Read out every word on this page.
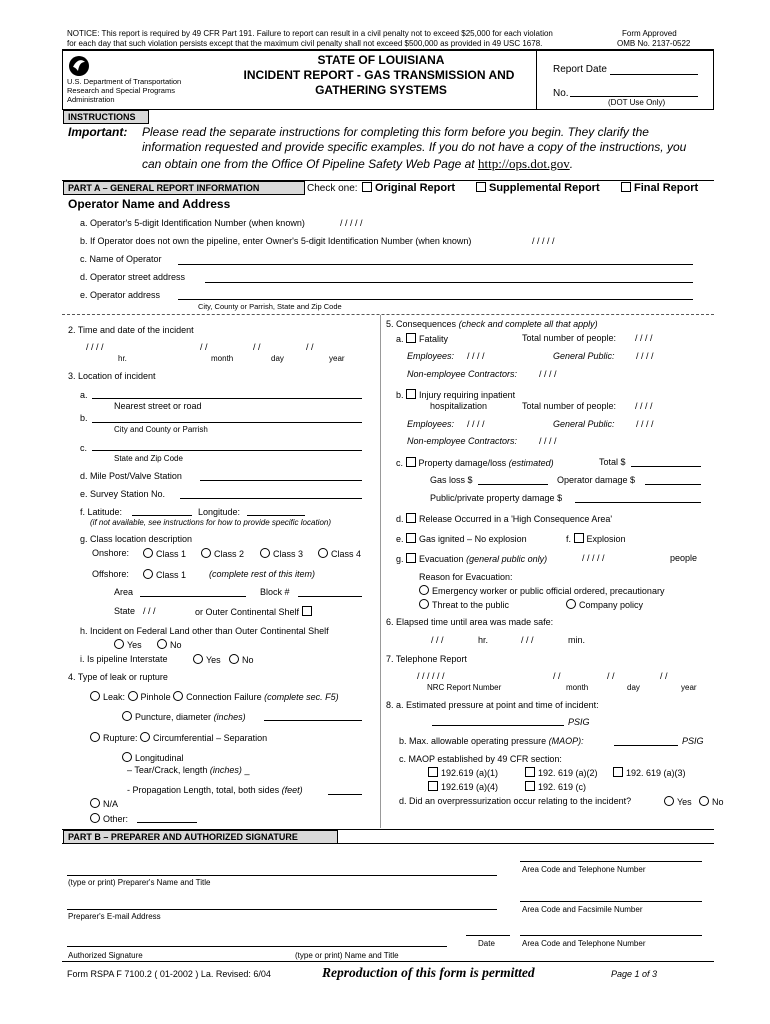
NOTICE: This report is required by 49 CFR Part 191. Failure to report can result in a civil penalty not to exceed $25,000 for each violation
for each day that such violation persists except that the maximum civil penalty shall not exceed $500,000 as provided in 49 USC 1678.
Form Approved
OMB No. 2137-0522
U.S. Department of Transportation
Research and Special Programs
Administration
STATE OF LOUISIANA
INCIDENT REPORT - GAS TRANSMISSION AND
GATHERING SYSTEMS
Report Date
No.
(DOT Use Only)
INSTRUCTIONS
Important: Please read the separate instructions for completing this form before you begin. They clarify the
information requested and provide specific examples. If you do not have a copy of the instructions, you
can obtain one from the Office Of Pipeline Safety Web Page at http://ops.dot.gov.
PART A – GENERAL REPORT INFORMATION	Check one:	Original Report	Supplemental Report	Final Report
Operator Name and Address
a. Operator's 5-digit Identification Number (when known)	/ / / / /
b. If Operator does not own the pipeline, enter Owner's 5-digit Identification Number (when known)	/ / / / /
c. Name of Operator
d. Operator street address
e. Operator address
City, County or Parrish, State and Zip Code
2. Time and date of the incident
/ / / /	/ /	/ /	/ /
hr.	month	day	year
3. Location of incident
a.
Nearest street or road
b.
City and County or Parrish
c.
State and Zip Code
d. Mile Post/Valve Station
e. Survey Station No.
f. Latitude:	Longitude:
(if not available, see instructions for how to provide specific location)
g. Class location description
Onshore:	Class 1	Class 2	Class 3	Class 4
Offshore:	Class 1	(complete rest of this item)
Area	Block #
State / / /	or Outer Continental Shelf
h. Incident on Federal Land other than Outer Continental Shelf
Yes	No
i. Is pipeline Interstate	Yes	No
4. Type of leak or rupture
Leak: Pinhole Connection Failure (complete sec. F5)
Puncture, diameter (inches)
Rupture: Circumferential – Separation
Longitudinal
– Tear/Crack, length (inches) _
- Propagation Length, total, both sides (feet)
N/A
Other:
5. Consequences (check and complete all that apply)
a. Fatality	Total number of people: / / / /
Employees: / / / /	General Public: / / / /
Non-employee Contractors: / / / /
b. Injury requiring inpatient
hospitalization	Total number of people: / / / /
Employees: / / / /	General Public: / / / /
Non-employee Contractors: / / / /
c. Property damage/loss (estimated)	Total $
Gas loss $	Operator damage $
Public/private property damage $
d. Release Occurred in a 'High Consequence Area'
e. Gas ignited – No explosion	f. Explosion
g. Evacuation (general public only)	/ / / / /	people
Reason for Evacuation:
Emergency worker or public official ordered, precautionary
Threat to the public	Company policy
6. Elapsed time until area was made safe:
/ / /	hr.	/ / /	min.
7. Telephone Report
/ / / / / /	/ /	/ /	/ /
NRC Report Number	month	day	year
8. a. Estimated pressure at point and time of incident:
PSIG
b. Max. allowable operating pressure (MAOP):	PSIG
c. MAOP established by 49 CFR section:
192.619 (a)(1)	192. 619 (a)(2)	192. 619 (a)(3)
192.619 (a)(4)	192. 619 (c)
d. Did an overpressurization occur relating to the incident?	Yes	No
PART B – PREPARER AND AUTHORIZED SIGNATURE
Area Code and Telephone Number
(type or print) Preparer's Name and Title
Area Code and Facsimile Number
Preparer's E-mail Address
Date	Area Code and Telephone Number
Authorized Signature	(type or print) Name and Title
Form RSPA F 7100.2 ( 01-2002 ) La. Revised: 6/04	Reproduction of this form is permitted	Page 1 of 3
